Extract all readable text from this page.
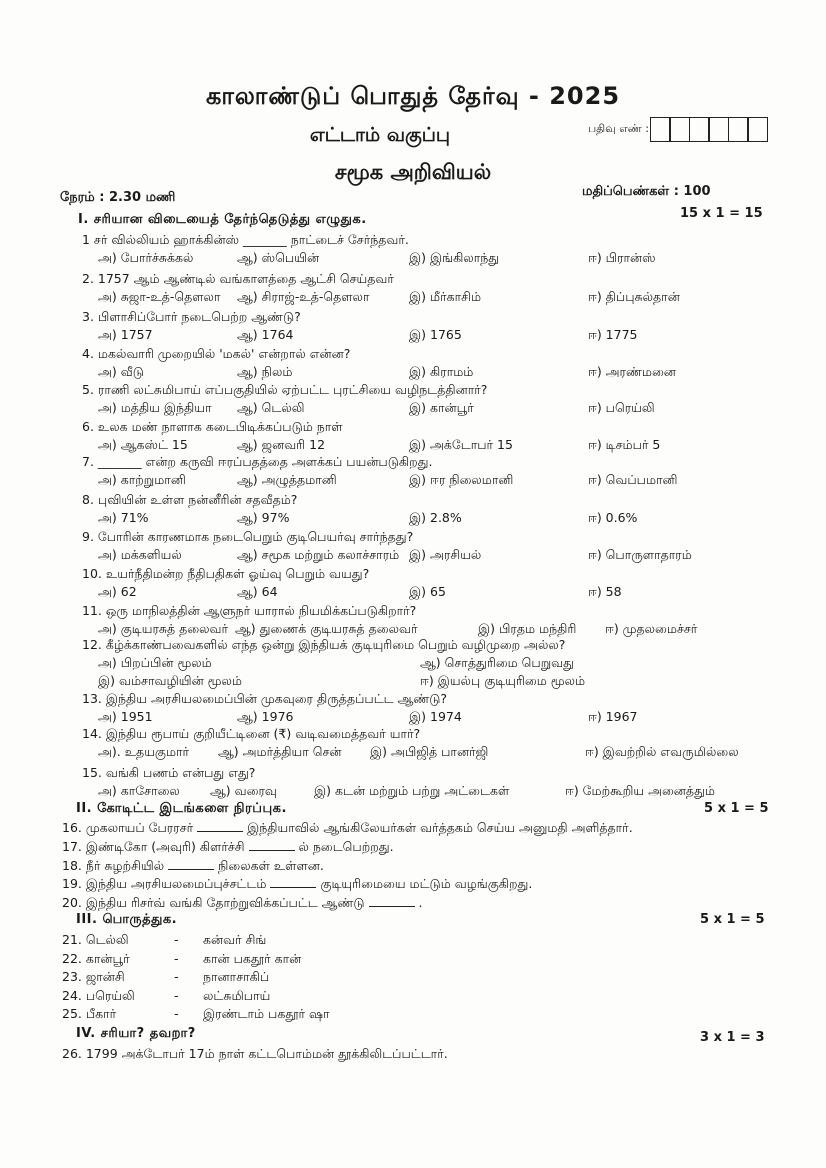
காலாண்டுப் பொதுத் தேர்வு - 2025
எட்டாம் வகுப்பு	பதிவு எண் :
சமூக அறிவியல்
நேரம் : 2.30 மணி	மதிப்பெண்கள் : 100
I. சரியான விடையைத் தேர்ந்தெடுத்து எழுதுக.	15 x 1 = 15
1 சர் வில்லியம் ஹாக்கின்ஸ் _______ நாட்டைச் சேர்ந்தவர்.
அ) போர்ச்சுக்கல்	ஆ) ஸ்பெயின்	இ) இங்கிலாந்து	ஈ) பிரான்ஸ்
2. 1757 ஆம் ஆண்டில் வங்காளத்தை ஆட்சி செய்தவர்
அ) சுஜா-உத்-தௌலா ஆ) சிராஜ்-உத்-தௌலா	இ) மீர்காசிம்	ஈ) திப்புசுல்தான்
3. பிளாசிப்போர் நடைபெற்ற ஆண்டு?
அ) 1757	ஆ) 1764	இ) 1765	ஈ) 1775
4. மகல்வாரி முறையில் 'மகல்' என்றால் என்ன?
அ) வீடு	ஆ) நிலம்	இ) கிராமம்	ஈ) அரண்மனை
5. ராணி லட்சுமிபாய் எப்பகுதியில் ஏற்பட்ட புரட்சியை வழிநடத்தினார்?
அ) மத்திய இந்தியா ஆ) டெல்லி	இ) கான்பூர்	ஈ) பரெய்லி
6. உலக மண் நாளாக கடைபிடிக்கப்படும் நாள்
அ) ஆகஸ்ட் 15	ஆ) ஜனவரி 12	இ) அக்டோபர் 15	ஈ) டிசம்பர் 5
7. _______ என்ற கருவி ஈரப்பதத்தை அளக்கப் பயன்படுகிறது.
அ) காற்றுமானி	ஆ) அழுத்தமானி	இ) ஈர நிலைமானி	ஈ) வெப்பமானி
8. புவியின் உள்ள நன்னீரின் சதவீதம்?
அ) 71%	ஆ) 97%	இ) 2.8%	ஈ) 0.6%
9. போரின் காரணமாக நடைபெறும் குடிபெயர்வு சார்ந்தது?
அ) மக்களியல்	ஆ) சமூக மற்றும் கலாச்சாரம் இ) அரசியல்	ஈ) பொருளாதாரம்
10. உயர்நீதிமன்ற நீதிபதிகள் ஓய்வு பெறும் வயது?
அ) 62	ஆ) 64	இ) 65	ஈ) 58
11. ஒரு மாநிலத்தின் ஆளுநர் யாரால் நியமிக்கப்படுகிறார்?
அ) குடியரசுத் தலைவர் ஆ) துணைக் குடியரசுத் தலைவர்	இ) பிரதம மந்திரி ஈ) முதலமைச்சர்
12. கீழ்க்காண்பவைகளில் எந்த ஒன்று இந்தியக் குடியுரிமை பெறும் வழிமுறை அல்ல?
அ) பிறப்பின் மூலம்	ஆ) சொத்துரிமை பெறுவது
இ) வம்சாவழியின் மூலம்	ஈ) இயல்பு குடியுரிமை மூலம்
13. இந்திய அரசியலமைப்பின் முகவுரை திருத்தப்பட்ட ஆண்டு?
அ) 1951	ஆ) 1976	இ) 1974	ஈ) 1967
14. இந்திய ரூபாய் குறியீட்டினை (₹) வடிவமைத்தவர் யார்?
அ). உதயகுமார் ஆ) அமர்த்தியா சென் இ) அபிஜித் பானர்ஜி	ஈ) இவற்றில் எவருமில்லை
15. வங்கி பணம் என்பது எது?
அ) காசோலை ஆ) வரைவு	இ) கடன் மற்றும் பற்று அட்டைகள்	ஈ) மேற்கூறிய அனைத்தும்
II. கோடிட்ட இடங்களை நிரப்புக.	5 x 1 = 5
16. முகலாயப் பேரரசர்	இந்தியாவில் ஆங்கிலேயர்கள் வர்த்தகம் செய்ய அனுமதி அளித்தார்.
17. இண்டிகோ (அவுரி) கிளர்ச்சி	ல் நடைபெற்றது.
18. நீர் சுழற்சியில்	நிலைகள் உள்ளன.
19. இந்திய அரசியலமைப்புச்சட்டம்	குடியுரிமையை மட்டும் வழங்குகிறது.
20. இந்திய ரிசர்வ் வங்கி தோற்றுவிக்கப்பட்ட ஆண்டு	.
III. பொருத்துக.	5 x 1 = 5
21. டெல்லி	- கன்வர் சிங்
22. கான்பூர்	- கான் பகதூர் கான்
23. ஜான்சி	- நானாசாகிப்
24. பரெய்லி	- லட்சுமிபாய்
25. பீகார்	- இரண்டாம் பகதூர் ஷா
IV. சரியா? தவறா?	3 x 1 = 3
26. 1799 அக்டோபர் 17ம் நாள் கட்டபொம்மன் தூக்கிலிடப்பட்டார்.
